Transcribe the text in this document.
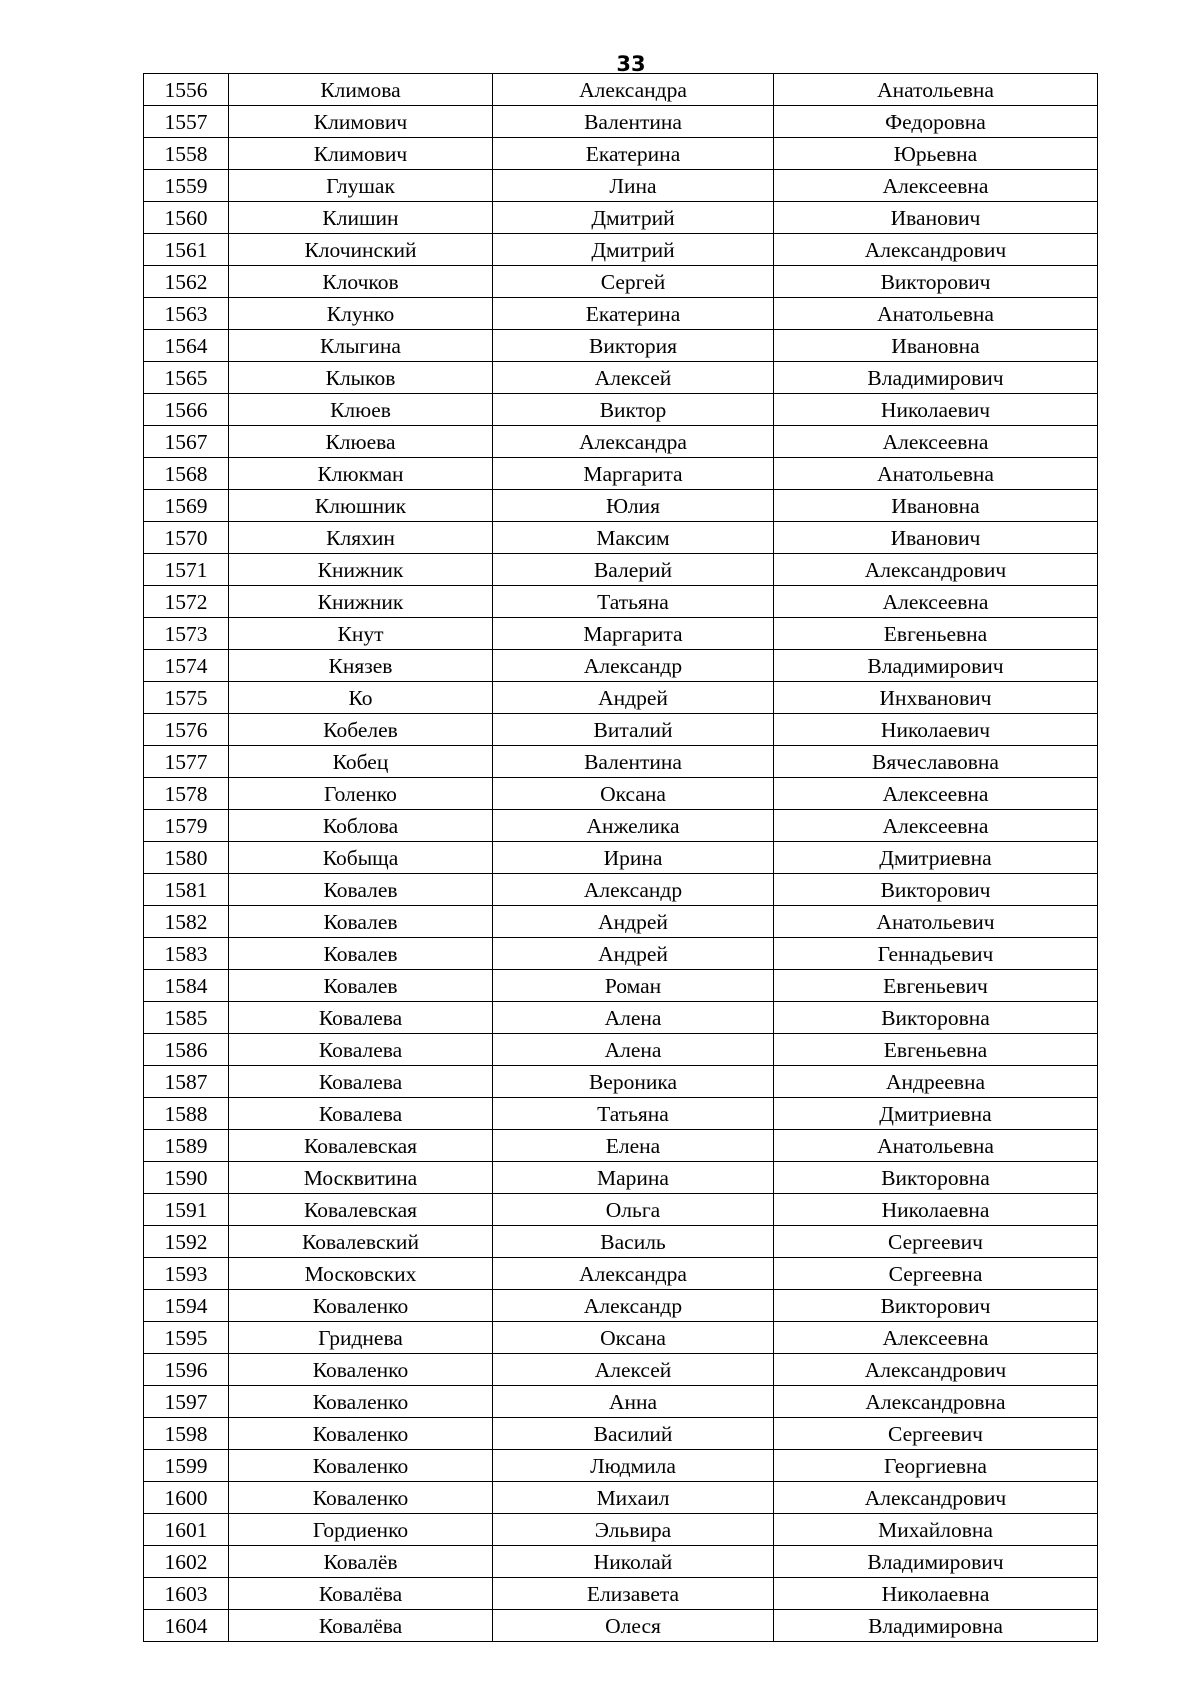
33
1556	Климова	Александра	Анатольевна
1557	Климович	Валентина	Федоровна
1558	Климович	Екатерина	Юрьевна
1559	Глушак	Лина	Алексеевна
1560	Клишин	Дмитрий	Иванович
1561	Клочинский	Дмитрий	Александрович
1562	Клочков	Сергей	Викторович
1563	Клунко	Екатерина	Анатольевна
1564	Клыгина	Виктория	Ивановна
1565	Клыков	Алексей	Владимирович
1566	Клюев	Виктор	Николаевич
1567	Клюева	Александра	Алексеевна
1568	Клюкман	Маргарита	Анатольевна
1569	Клюшник	Юлия	Ивановна
1570	Кляхин	Максим	Иванович
1571	Книжник	Валерий	Александрович
1572	Книжник	Татьяна	Алексеевна
1573	Кнут	Маргарита	Евгеньевна
1574	Князев	Александр	Владимирович
1575	Ко	Андрей	Инхванович
1576	Кобелев	Виталий	Николаевич
1577	Кобец	Валентина	Вячеславовна
1578	Голенко	Оксана	Алексеевна
1579	Коблова	Анжелика	Алексеевна
1580	Кобыща	Ирина	Дмитриевна
1581	Ковалев	Александр	Викторович
1582	Ковалев	Андрей	Анатольевич
1583	Ковалев	Андрей	Геннадьевич
1584	Ковалев	Роман	Евгеньевич
1585	Ковалева	Алена	Викторовна
1586	Ковалева	Алена	Евгеньевна
1587	Ковалева	Вероника	Андреевна
1588	Ковалева	Татьяна	Дмитриевна
1589	Ковалевская	Елена	Анатольевна
1590	Москвитина	Марина	Викторовна
1591	Ковалевская	Ольга	Николаевна
1592	Ковалевский	Василь	Сергеевич
1593	Московских	Александра	Сергеевна
1594	Коваленко	Александр	Викторович
1595	Гриднева	Оксана	Алексеевна
1596	Коваленко	Алексей	Александрович
1597	Коваленко	Анна	Александровна
1598	Коваленко	Василий	Сергеевич
1599	Коваленко	Людмила	Георгиевна
1600	Коваленко	Михаил	Александрович
1601	Гордиенко	Эльвира	Михайловна
1602	Ковалёв	Николай	Владимирович
1603	Ковалёва	Елизавета	Николаевна
1604	Ковалёва	Олеся	Владимировна
